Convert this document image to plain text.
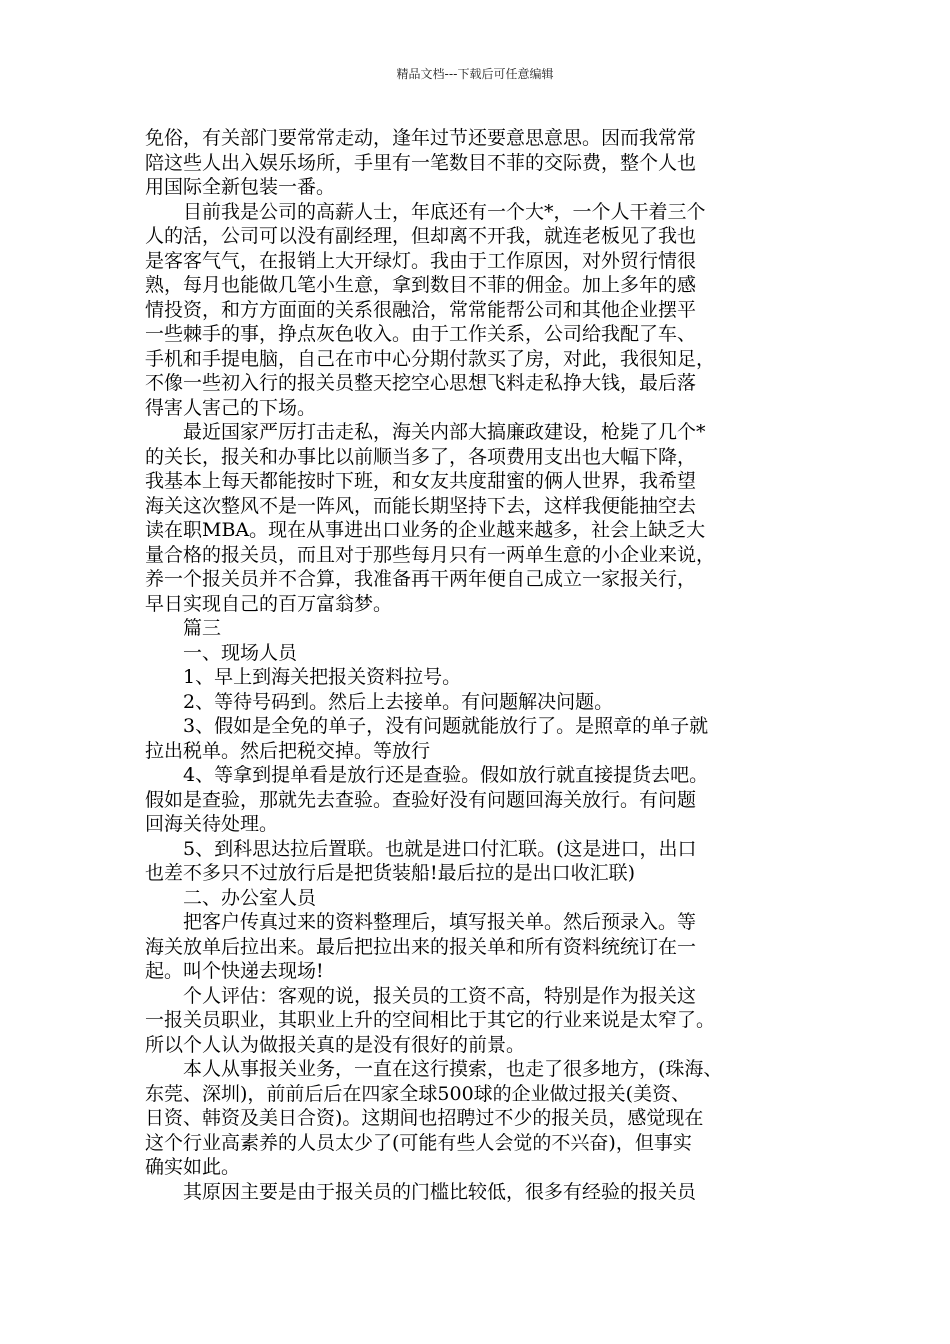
精品文档---下载后可任意编辑

免俗，有关部门要常常走动，逢年过节还要意思意思。因而我常常
陪这些人出入娱乐场所，手里有一笔数目不菲的交际费，整个人也
用国际全新包装一番。

　　目前我是公司的高薪人士，年底还有一个大*，一个人干着三个
人的活，公司可以没有副经理，但却离不开我，就连老板见了我也
是客客气气，在报销上大开绿灯。我由于工作原因，对外贸行情很
熟，每月也能做几笔小生意，拿到数目不菲的佣金。加上多年的感
情投资，和方方面面的关系很融洽，常常能帮公司和其他企业摆平
一些棘手的事，挣点灰色收入。由于工作关系，公司给我配了车、
手机和手提电脑，自己在市中心分期付款买了房，对此，我很知足，
不像一些初入行的报关员整天挖空心思想飞料走私挣大钱，最后落
得害人害己的下场。

　　最近国家严厉打击走私，海关内部大搞廉政建设，枪毙了几个*
的关长，报关和办事比以前顺当多了，各项费用支出也大幅下降，
我基本上每天都能按时下班，和女友共度甜蜜的俩人世界，我希望
海关这次整风不是一阵风，而能长期坚持下去，这样我便能抽空去
读在职MBA。现在从事进出口业务的企业越来越多，社会上缺乏大
量合格的报关员，而且对于那些每月只有一两单生意的小企业来说，
养一个报关员并不合算，我准备再干两年便自己成立一家报关行，
早日实现自己的百万富翁梦。

　　篇三

　　一、现场人员

　　1、早上到海关把报关资料拉号。

　　2、等待号码到。然后上去接单。有问题解决问题。

　　3、假如是全免的单子，没有问题就能放行了。是照章的单子就
拉出税单。然后把税交掉。等放行

　　4、等拿到提单看是放行还是查验。假如放行就直接提货去吧。
假如是查验，那就先去查验。查验好没有问题回海关放行。有问题
回海关待处理。

　　5、到科思达拉后置联。也就是进口付汇联。(这是进口，出口
也差不多只不过放行后是把货装船!最后拉的是出口收汇联)

　　二、办公室人员

　　把客户传真过来的资料整理后，填写报关单。然后预录入。等
海关放单后拉出来。最后把拉出来的报关单和所有资料统统订在一
起。叫个快递去现场!

　　个人评估：客观的说，报关员的工资不高，特别是作为报关这
一报关员职业，其职业上升的空间相比于其它的行业来说是太窄了。
所以个人认为做报关真的是没有很好的前景。

　　本人从事报关业务，一直在这行摸索，也走了很多地方，(珠海、
东莞、深圳)，前前后后在四家全球500球的企业做过报关(美资、
日资、韩资及美日合资)。这期间也招聘过不少的报关员，感觉现在
这个行业高素养的人员太少了(可能有些人会觉的不兴奋)，但事实
确实如此。

　　其原因主要是由于报关员的门槛比较低，很多有经验的报关员
